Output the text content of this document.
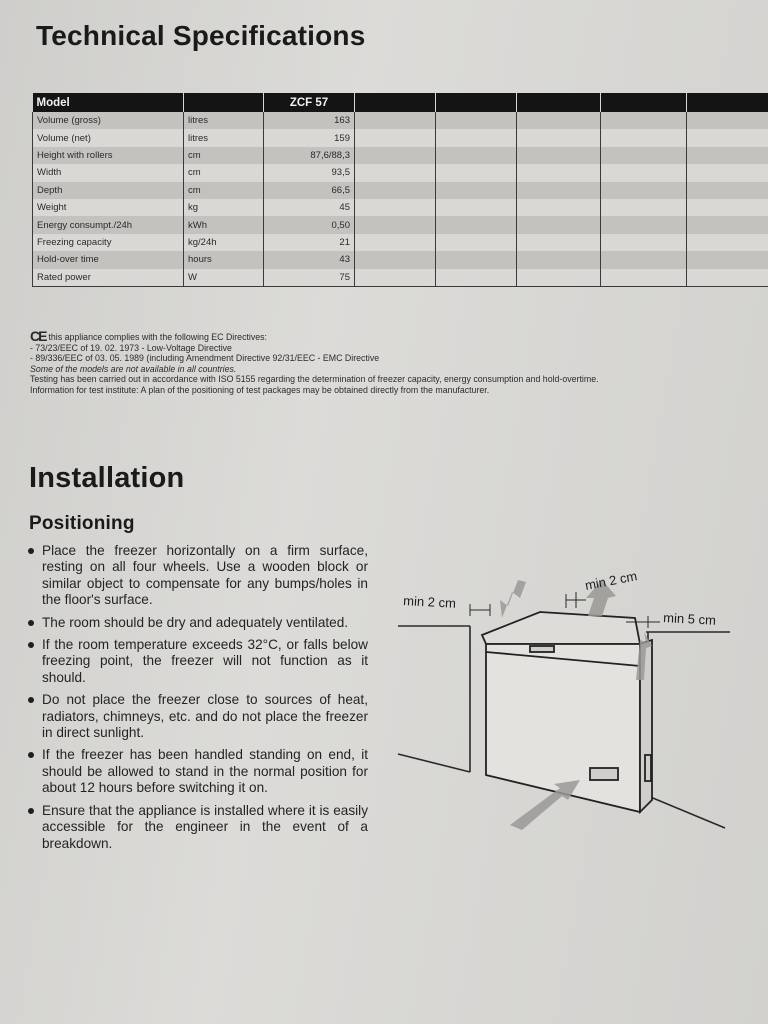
Technical Specifications
Model		ZCF 57					
Volume (gross)	litres	163					
Volume (net)	litres	159					
Height with rollers	cm	87,6/88,3					
Width	cm	93,5					
Depth	cm	66,5					
Weight	kg	45					
Energy consumpt./24h	kWh	0,50					
Freezing capacity	kg/24h	21					
Hold-over time	hours	43					
Rated power	W	75					
CE this appliance complies with the following EC Directives:
- 73/23/EEC of 19. 02. 1973 - Low-Voltage Directive
- 89/336/EEC of 03. 05. 1989 (including Amendment Directive 92/31/EEC - EMC Directive
Some of the models are not available in all countries.
Testing has been carried out in accordance with ISO 5155 regarding the determination of freezer capacity, energy consumption and hold-overtime.
Information for test institute: A plan of the positioning of test packages may be obtained directly from the manufacturer.
Installation
Positioning
Place the freezer horizontally on a firm surface, resting on all four wheels. Use a wooden block or similar object to compensate for any bumps/holes in the floor's surface.
The room should be dry and adequately ventilated.
If the room temperature exceeds 32°C, or falls below freezing point, the freezer will not function as it should.
Do not place the freezer close to sources of heat, radiators, chimneys, etc. and do not place the freezer in direct sunlight.
If the freezer has been handled standing on end, it should be allowed to stand in the normal position for about 12 hours before switching it on.
Ensure that the appliance is installed where it is easily accessible for the engineer in the event of a breakdown.
min 2 cm
min 2 cm
min 5 cm
